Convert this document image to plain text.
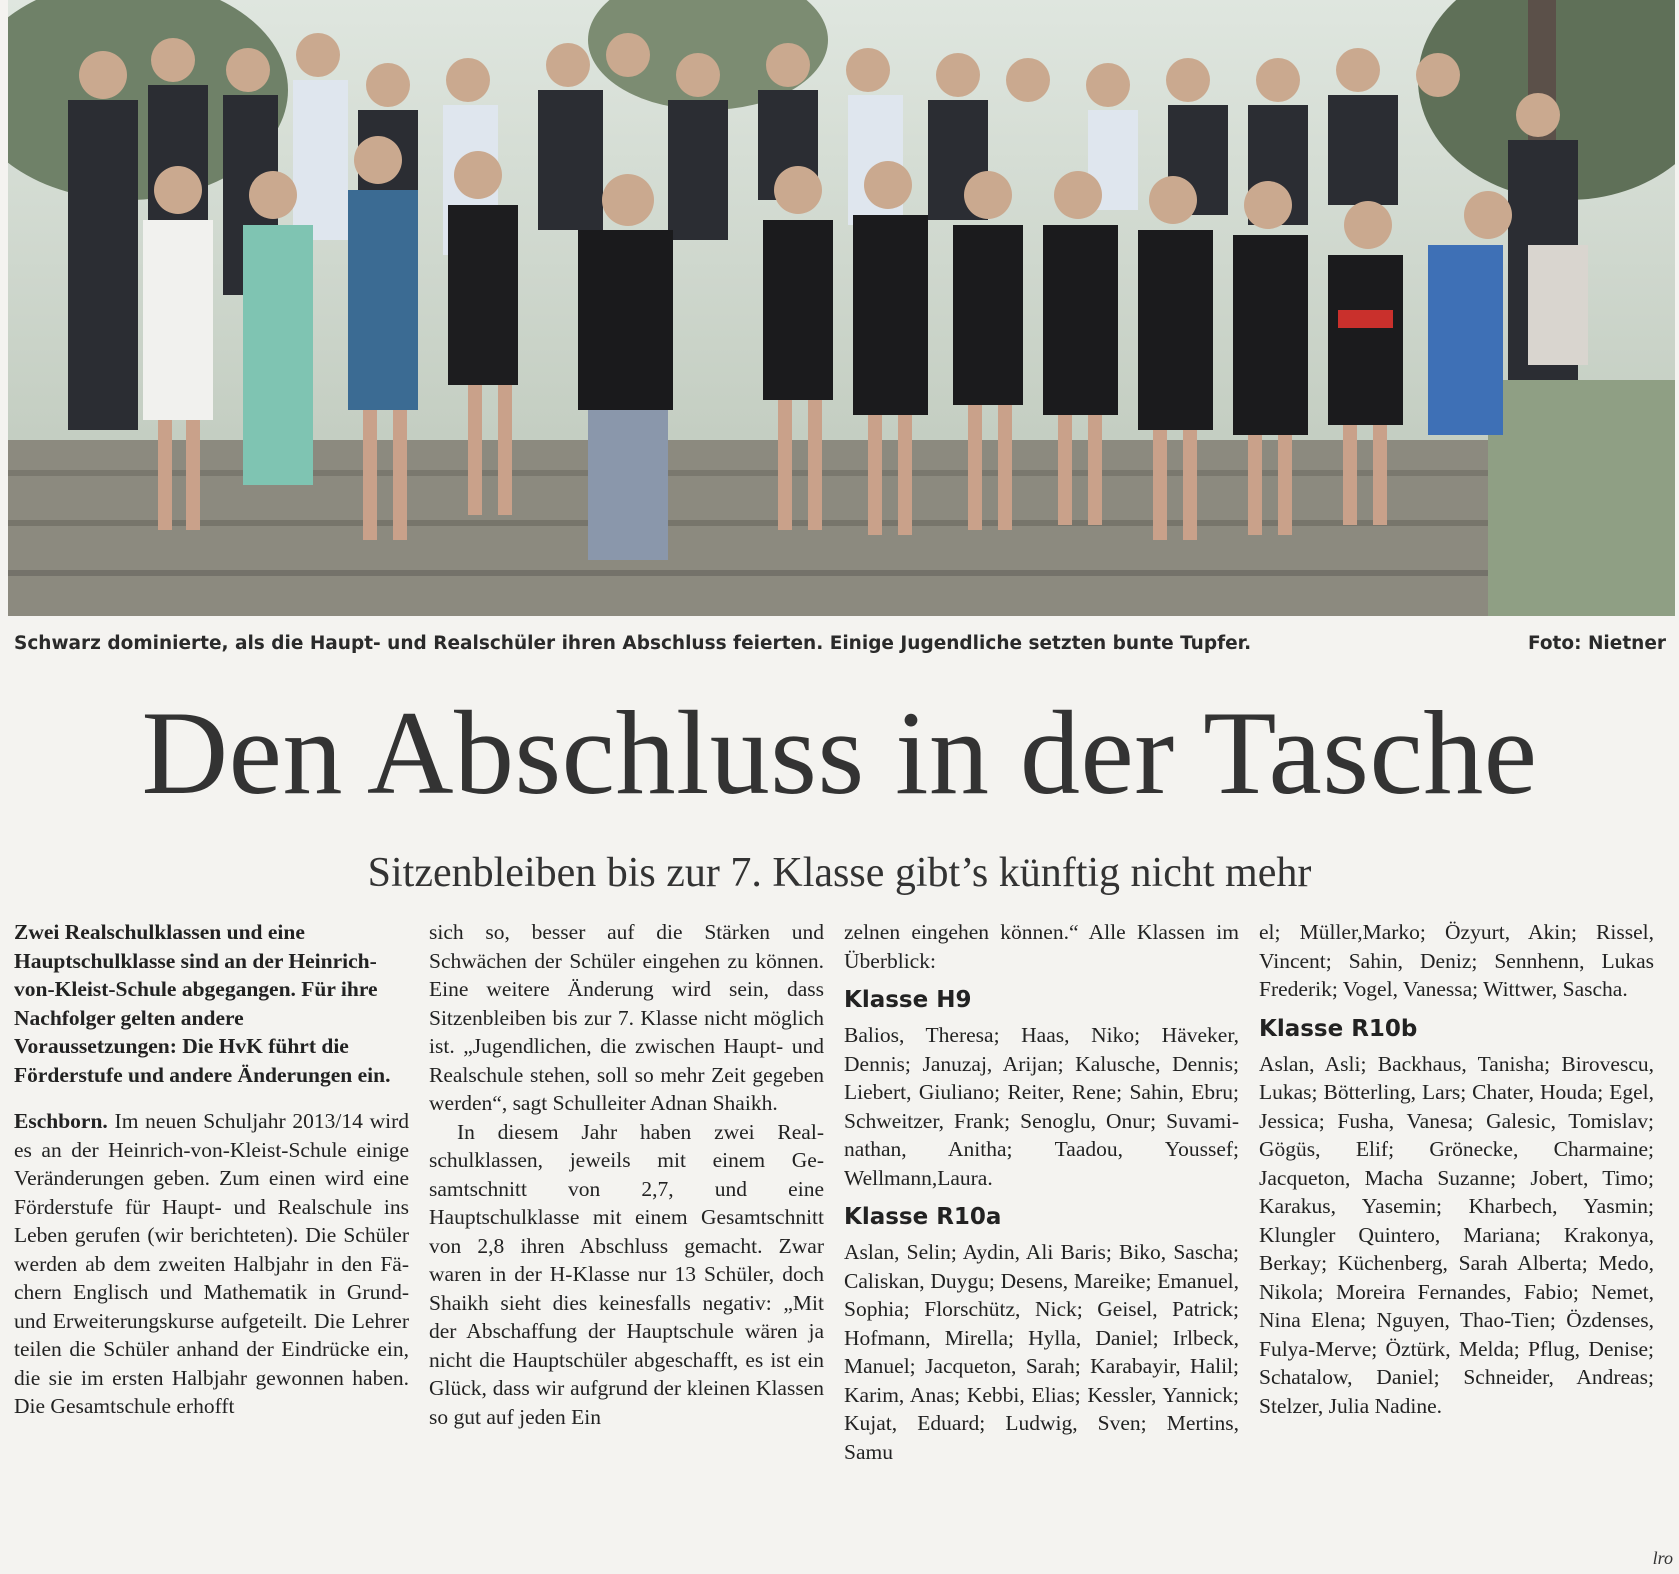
Schwarz dominierte, als die Haupt- und Realschüler ihren Abschluss feierten. Einige Jugendliche setzten bunte Tupfer.	Foto: Nietner
Den Abschluss in der Tasche
Sitzenbleiben bis zur 7. Klasse gibt’s künftig nicht mehr

Zwei Realschulklassen und eine Hauptschulklasse sind an der Heinrich-von-Kleist-Schule abgegangen. Für ihre Nachfolger gelten andere Voraussetzungen: Die HvK führt die Förderstufe und andere Änderungen ein.

Eschborn. Im neuen Schuljahr 2013/14 wird es an der Heinrich-von-Kleist-Schule einige Veränderungen geben. Zum einen wird eine Förderstufe für Haupt- und Realschule ins Leben gerufen (wir berichteten). Die Schüler werden ab dem zweiten Halbjahr in den Fächern Englisch und Mathematik in Grund- und Erweiterungskurse aufgeteilt. Die Lehrer teilen die Schüler anhand der Eindrücke ein, die sie im ersten Halbjahr gewonnen haben. Die Gesamtschule erhofft

sich so, besser auf die Stärken und Schwächen der Schüler eingehen zu können. Eine weitere Änderung wird sein, dass Sitzenbleiben bis zur 7. Klasse nicht möglich ist. „Jugendlichen, die zwischen Haupt- und Realschule stehen, soll so mehr Zeit gegeben werden“, sagt Schulleiter Adnan Shaikh.

In diesem Jahr haben zwei Realschulklassen, jeweils mit einem Gesamtschnitt von 2,7, und eine Hauptschulklasse mit einem Gesamtschnitt von 2,8 ihren Abschluss gemacht. Zwar waren in der H-Klasse nur 13 Schüler, doch Shaikh sieht dies keinesfalls negativ: „Mit der Abschaffung der Hauptschule wären ja nicht die Hauptschüler abgeschafft, es ist ein Glück, dass wir aufgrund der kleinen Klassen so gut auf jeden Ein

zelnen eingehen können.“ Alle Klassen im Überblick:

Klasse H9

Balios, Theresa; Haas, Niko; Häveker, Dennis; Januzaj, Arijan; Kalusche, Dennis; Liebert, Giuliano; Reiter, Rene; Sahin, Ebru; Schweitzer, Frank; Senoglu, Onur; Suvaminathan, Anitha; Taadou, Youssef; Wellmann,Laura.

Klasse R10a

Aslan, Selin; Aydin, Ali Baris; Biko, Sascha; Caliskan, Duygu; Desens, Mareike; Emanuel, Sophia; Florschütz, Nick; Geisel, Patrick; Hofmann, Mirella; Hylla, Daniel; Irlbeck, Manuel; Jacqueton, Sarah; Karabayir, Halil; Karim, Anas; Kebbi, Elias; Kessler, Yannick; Kujat, Eduard; Ludwig, Sven; Mertins, Samu

el; Müller,Marko; Özyurt, Akin; Rissel, Vincent; Sahin, Deniz; Sennhenn, Lukas Frederik; Vogel, Vanessa; Wittwer, Sascha.

Klasse R10b

Aslan, Asli; Backhaus, Tanisha; Birovescu, Lukas; Bötterling, Lars; Chater, Houda; Egel, Jessica; Fusha, Vanesa; Galesic, Tomislav; Gögüs, Elif; Grönecke, Charmaine; Jacqueton, Macha Suzanne; Jobert, Timo; Karakus, Yasemin; Kharbech, Yasmin; Klungler Quintero, Mariana; Krakonya, Berkay; Küchenberg, Sarah Alberta; Medo, Nikola; Moreira Fernandes, Fabio; Nemet, Nina Elena; Nguyen, Thao-Tien; Özdenses, Fulya-Merve; Öztürk, Melda; Pflug, Denise; Schatalow, Daniel; Schneider, Andreas; Stelzer, Julia Nadine.

lro
